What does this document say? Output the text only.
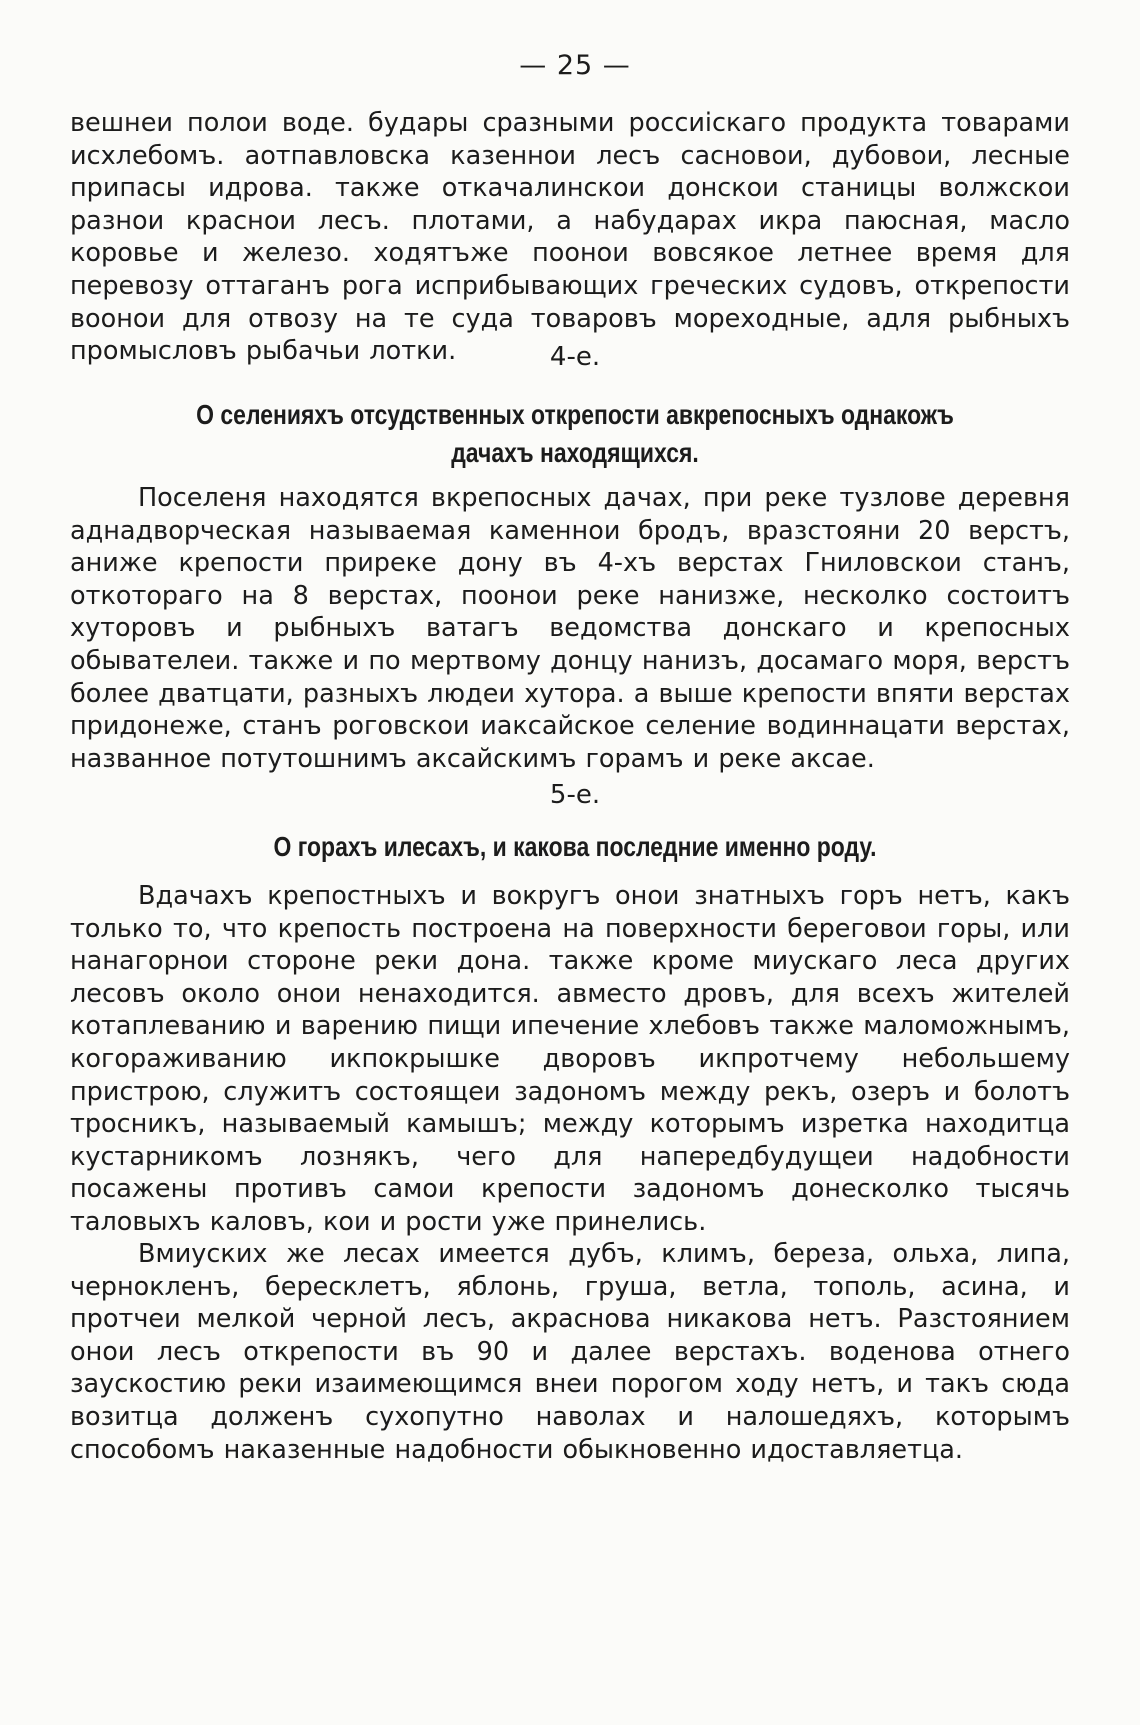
— 25 —
вешнеи полои воде. будары сразными россиіскаго продукта товарами исхлебомъ. аотпавловска казеннои лесъ сасновои, дубовои, лесные припасы идрова. также откачалинскои донскои станицы волжскои разнои краснои лесъ. плотами, а набударах икра паюсная, масло коровье и железо. ходятъже поонои вовсякое летнее время для перевозу оттаганъ рога исприбывающих греческих судовъ, открепости воонои для отвозу на те суда товаровъ мореходные, адля рыбныхъ промысловъ рыбачьи лотки.	4-е.
О селенияхъ отсудственных открепости авкрепосныхъ однакожъ дачахъ находящихся.
Поселеня находятся вкрепосных дачах, при реке тузлове деревня аднадворческая называемая каменнои бродъ, вразстояни 20 верстъ, аниже крепости прирeке дону въ 4-хъ верстах Гниловскои станъ, откотораго на 8 верстах, поонои реке нанизже, несколко состоитъ хуторовъ и рыбныхъ ватагъ ведомства донскаго и крепосных обывателеи. также и по мертвому донцу нанизъ, досамаго моря, верстъ более дватцати, разныхъ людеи хутора. а выше крепости впяти верстах придонеже, станъ роговскои иаксайское селение водиннацати верстах, названное потутошнимъ аксайскимъ горамъ и реке аксае.
5-е.
О горахъ илесахъ, и какова последние именно роду.
Вдачахъ крепостныхъ и вокругъ онои знатныхъ горъ нетъ, какъ только то, что крепость построена на поверхности береговои горы, или нанагорнои стороне реки дона. также кроме миускаго леса других лесовъ около онои ненаходится. авместо дровъ, для всехъ жителей котаплеванию и варению пищи ипечение хлебовъ также маломожнымъ, когораживанию икпокрышке дворовъ икпротчему небольшему пристрою, служитъ состоящеи задономъ между рекъ, озеръ и болотъ тросникъ, называемый камышъ; между которымъ изретка находитца кустарникомъ лознякъ, чего для напередбудущеи надобности посажены противъ самои крепости задономъ донесколко тысячь таловыхъ каловъ, кои и рости уже принелись.
Вмиуских же лесах имеется дубъ, климъ, береза, ольха, липа, чернокленъ, бересклетъ, яблонь, груша, ветла, тополь, асина, и протчеи мелкой черной лесъ, акраснова никакова нетъ. Разстоянием онои лесъ открепости въ 90 и далее верстахъ. воденова отнего заускостию реки изаимеющимся внеи порогом ходу нетъ, и такъ сюда возитца долженъ сухопутно наволах и налошедяхъ, которымъ способомъ наказенные надобности обыкновенно идоставляетца.
